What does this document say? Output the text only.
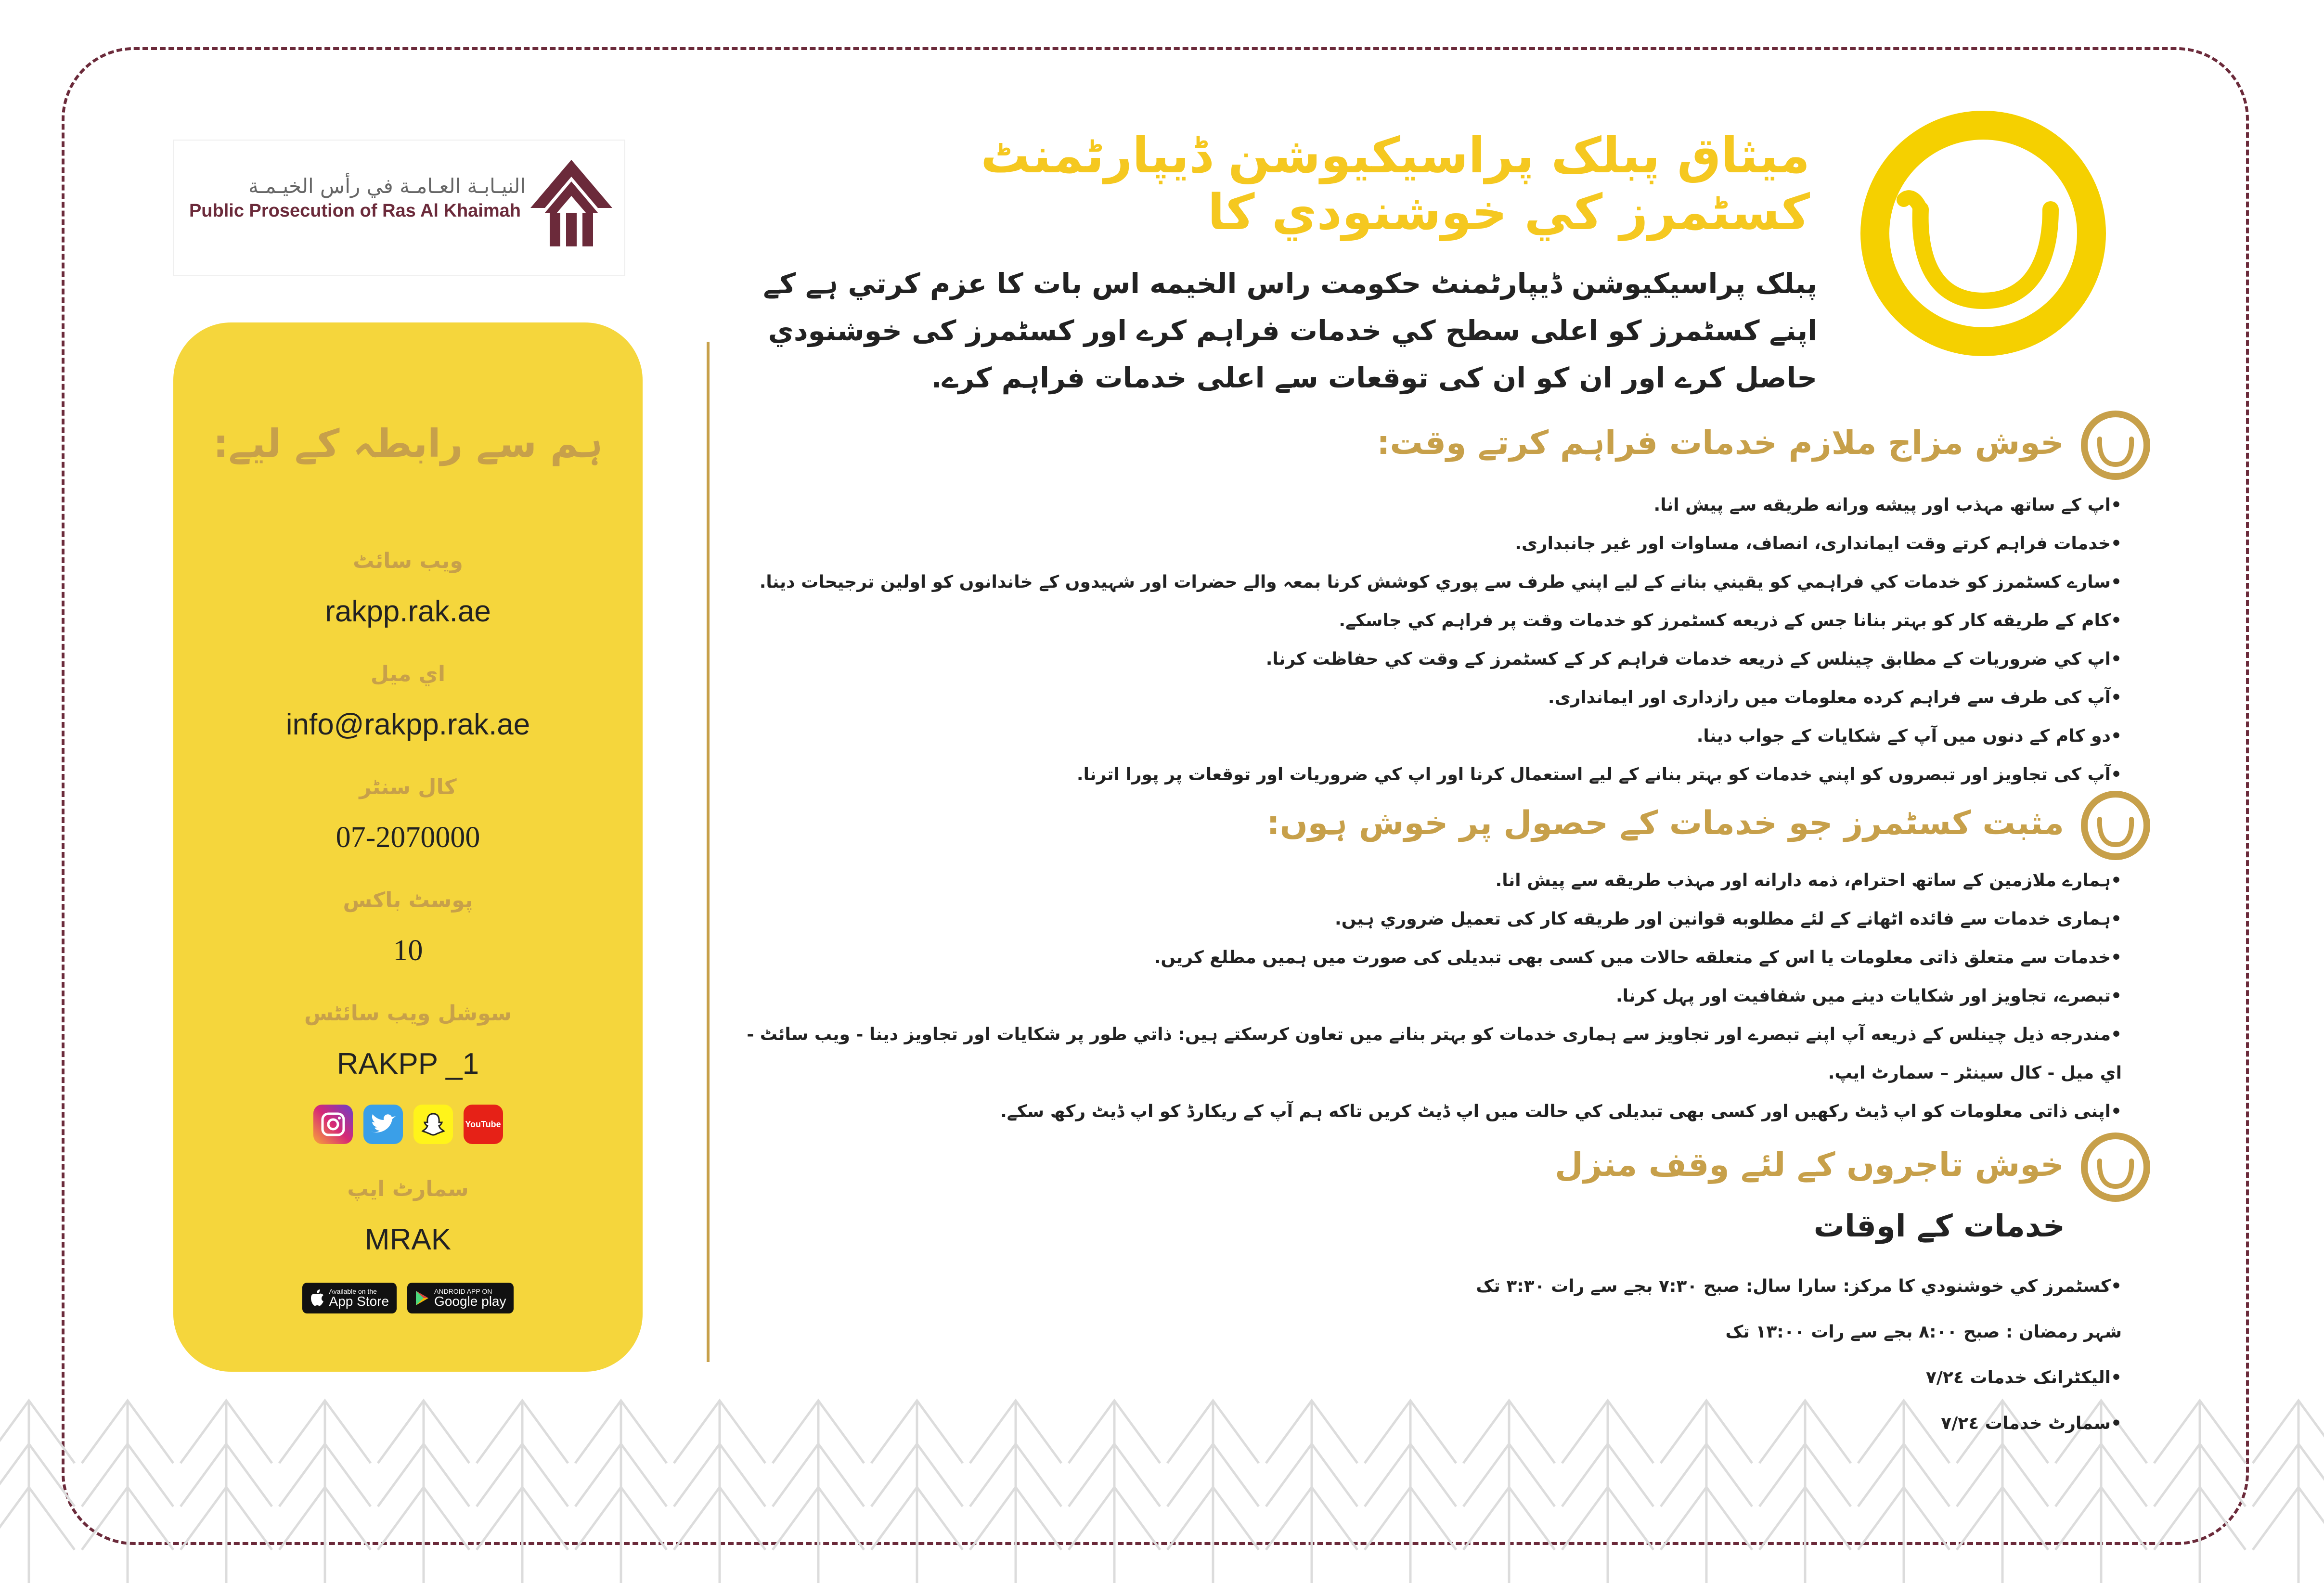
النيـابـة العـامـة في رأس الخيـمـة
Public Prosecution of Ras Al Khaimah
ہم سے رابطہ کے لیے:
ویب سائٹ
rakpp.rak.ae
اي ميل
info@rakpp.rak.ae
کال سنٹر
07-2070000
پوسٹ باکس
10
سوشل ویب سائٹس
RAKPP _1
YouTube
سمارٹ ایپ
MRAK
Available on the
App Store
ANDROID APP ON
Google play
ميثاق پبلک پراسيکيوشن ڈيپارٹمنٹ کسٹمرز کي خوشنودي کا
پبلک پراسيکيوشن ڈيپارٹمنٹ حکومت راس الخيمه اس بات کا عزم کرتي ہے کے اپنے کسٹمرز کو اعلی سطح کي خدمات فراہم کرے اور کسٹمرز کی خوشنودي حاصل کرے اور ان کو ان کی توقعات سے اعلی خدمات فراہم کرے.
خوش مزاج ملازم خدمات فراہم کرتے وقت:
•اپ کے ساتھ مہذب اور پیشه ورانه طريقه سے پیش انا.
•خدمات فراہم کرتے وقت ایمانداری، انصاف، مساوات اور غیر جانبداری.
•سارے کسٹمرز کو خدمات کي فراہمي کو يقيني بنانے کے لیے اپني طرف سے پوري کوشش کرنا بمعہ والے حضرات اور شہیدوں کے خاندانوں کو اولین ترجیحات دینا.
•کام کے طريقه کار کو بہتر بنانا جس کے ذريعه کسٹمرز کو خدمات وقت پر فراہم کي جاسکے.
•اپ کي ضروريات کے مطابق چینلس کے ذريعه خدمات فراہم کر کے کسٹمرز کے وقت کي حفاظت کرنا.
•آپ کی طرف سے فراہم کرده معلومات میں رازداری اور ایمانداری.
•دو کام کے دنوں میں آپ کے شکایات کے جواب دینا.
•آپ کی تجاويز اور تبصروں کو اپني خدمات کو بہتر بنانے کے لیے استعمال کرنا اور اپ کي ضروریات اور توقعات پر پورا اترنا.
مثبت کسٹمرز جو خدمات کے حصول پر خوش ہوں:
•ہمارے ملازمین کے ساتھ احترام، ذمه دارانه اور مہذب طريقه سے پیش انا.
•ہماری خدمات سے فائده اٹھانے کے لئے مطلوبه قوانین اور طريقه کار کی تعمیل ضروري ہیں.
•خدمات سے متعلق ذاتی معلومات یا اس کے متعلقه حالات میں کسی بھی تبدیلی کی صورت میں ہمیں مطلع کریں.
•تبصرے، تجاویز اور شکایات دینے میں شفافیت اور پہل کرنا.
•مندرجه ذیل چینلس کے ذریعه آپ اپنے تبصرے اور تجاویز سے ہماری خدمات کو بہتر بنانے میں تعاون کرسکتے ہیں: ذاتي طور پر شکایات اور تجاویز دینا - ویب سائٹ - اي ميل - کال سینٹر – سمارٹ ایپ.
•اپنی ذاتی معلومات کو اپ ڈیٹ رکھیں اور کسی بھی تبدیلی کي حالت میں اپ ڈیٹ کریں تاکه ہم آپ کے ریکارڈ کو اپ ڈیٹ رکھ سکے.
خوش تاجروں کے لئے وقف منزل
خدمات کے اوقات
•کسٹمرز کي خوشنودي کا مرکز: سارا سال: صبح ۷:۳۰ بجے سے رات ۳:۳۰ تک
شہر رمضان : صبح ۸:۰۰ بجے سے رات ۱۳:۰۰ تک
•الیکٹرانک خدمات ۷/۲٤
•سمارٹ خدمات ۷/۲٤
